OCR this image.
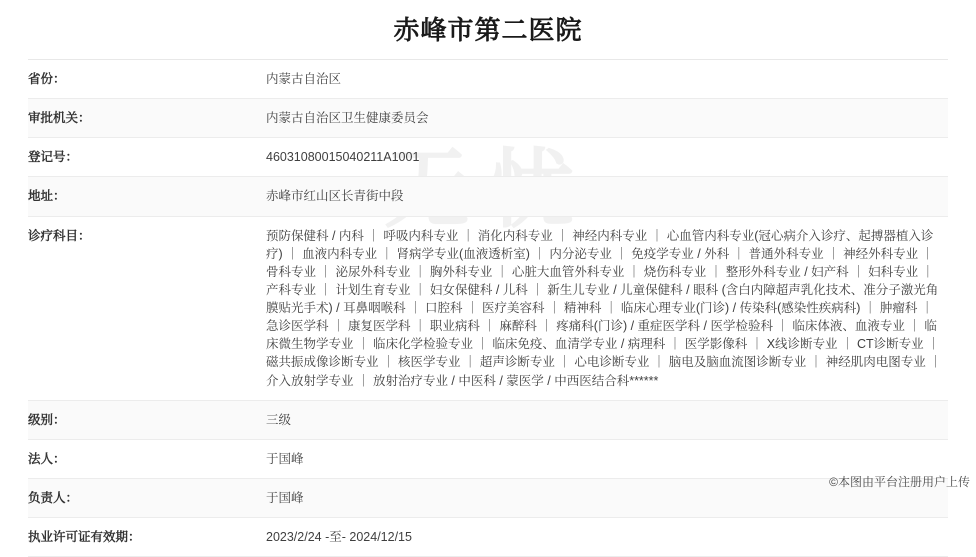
无忧
赤峰市第二医院
省份：	内蒙古自治区
审批机关：	内蒙古自治区卫生健康委员会
登记号：	46031080015040211A1001
地址：	赤峰市红山区长青街中段
诊疗科目：	预防保健科 / 内科 ｜ 呼吸内科专业 ｜ 消化内科专业 ｜ 神经内科专业 ｜ 心血管内科专业(冠心病介入诊疗、起搏器植入诊疗) ｜ 血液内科专业 ｜ 肾病学专业(血液透析室) ｜ 内分泌专业 ｜ 免疫学专业 / 外科 ｜ 普通外科专业 ｜ 神经外科专业 ｜ 骨科专业 ｜ 泌尿外科专业 ｜ 胸外科专业 ｜ 心脏大血管外科专业 ｜ 烧伤科专业 ｜ 整形外科专业 / 妇产科 ｜ 妇科专业 ｜ 产科专业 ｜ 计划生育专业 ｜ 妇女保健科 / 儿科 ｜ 新生儿专业 / 儿童保健科 / 眼科 (含白内障超声乳化技术、准分子激光角膜贴光手术) / 耳鼻咽喉科 ｜ 口腔科 ｜ 医疗美容科 ｜ 精神科 ｜ 临床心理专业(门诊) / 传染科(感染性疾病科) ｜ 肿瘤科 ｜ 急诊医学科 ｜ 康复医学科 ｜ 职业病科 ｜ 麻醉科 ｜ 疼痛科(门诊) / 重症医学科 / 医学检验科 ｜ 临床体液、血液专业 ｜ 临床微生物学专业 ｜ 临床化学检验专业 ｜ 临床免疫、血清学专业 / 病理科 ｜ 医学影像科 ｜ X线诊断专业 ｜ CT诊断专业 ｜ 磁共振成像诊断专业 ｜ 核医学专业 ｜ 超声诊断专业 ｜ 心电诊断专业 ｜ 脑电及脑血流图诊断专业 ｜ 神经肌肉电图专业 ｜ 介入放射学专业 ｜ 放射治疗专业 / 中医科 / 蒙医学 / 中西医结合科******
级别：	三级
法人：	于国峰
负责人：	于国峰
执业许可证有效期：	2023/2/24 -至- 2024/12/15
©本图由平台注册用户上传
